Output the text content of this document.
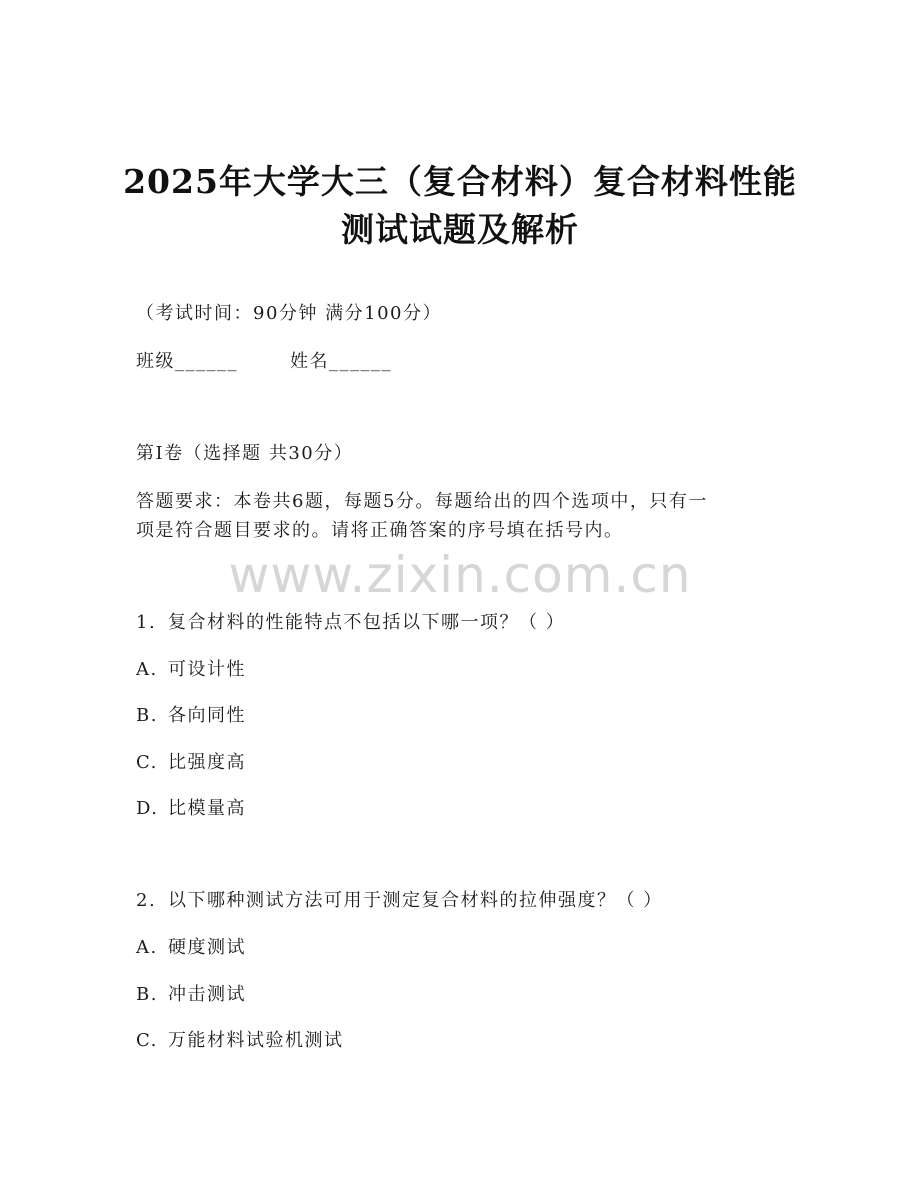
2025年大学大三（复合材料）复合材料性能
测试试题及解析
（考试时间：90分钟 满分100分）
班级______	姓名______
第I卷（选择题 共30分）
答题要求：本卷共6题，每题5分。每题给出的四个选项中，只有一
项是符合题目要求的。请将正确答案的序号填在括号内。
www.zixin.com.cn
1. 复合材料的性能特点不包括以下哪一项？（ ）
A. 可设计性
B. 各向同性
C. 比强度高
D. 比模量高
2. 以下哪种测试方法可用于测定复合材料的拉伸强度？（ ）
A. 硬度测试
B. 冲击测试
C. 万能材料试验机测试
